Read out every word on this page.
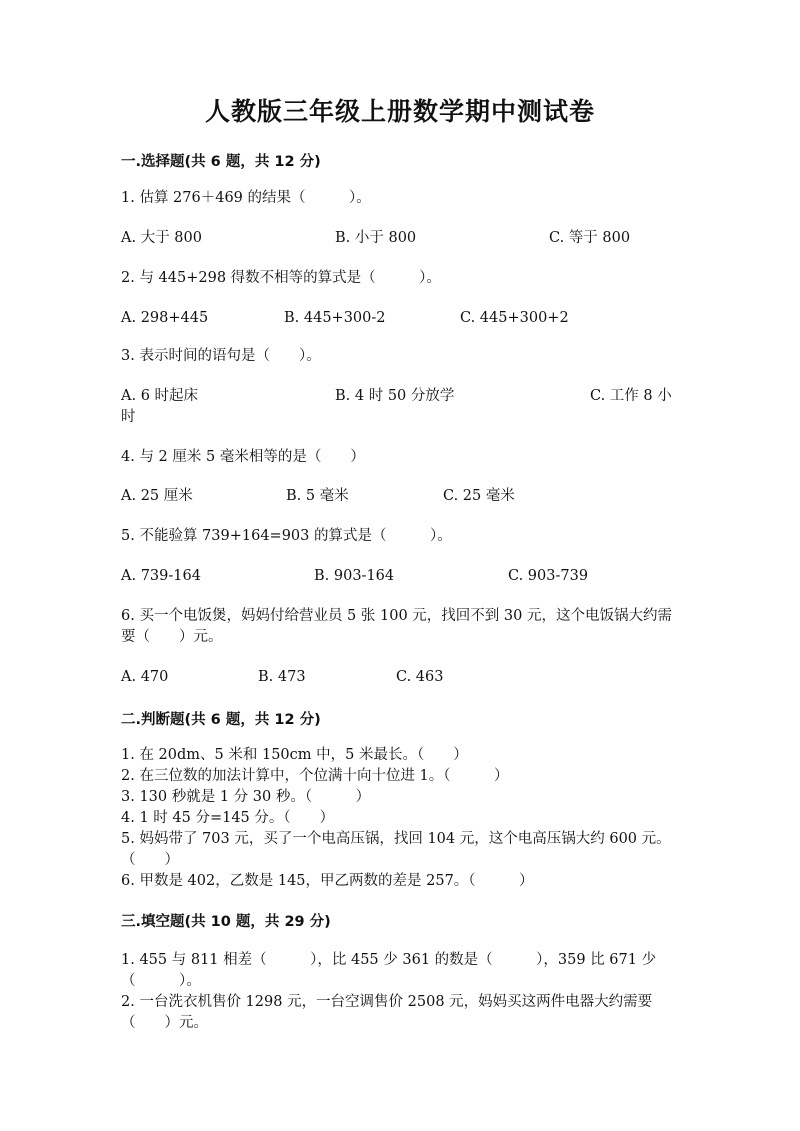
人教版三年级上册数学期中测试卷
一.选择题(共 6 题，共 12 分)
1. 估算 276＋469 的结果（　　　）。
A. 大于 800	B. 小于 800	C. 等于 800
2. 与 445+298 得数不相等的算式是（　　　）。
A. 298+445	B. 445+300-2	C. 445+300+2
3. 表示时间的语句是（　　）。
A. 6 时起床	B. 4 时 50 分放学	C. 工作 8 小
时
4. 与 2 厘米 5 毫米相等的是（　　）
A. 25 厘米	B. 5 毫米	C. 25 毫米
5. 不能验算 739+164=903 的算式是（　　　）。
A. 739-164	B. 903-164	C. 903-739
6. 买一个电饭煲，妈妈付给营业员 5 张 100 元，找回不到 30 元，这个电饭锅大约需要（　　）元。
A. 470	B. 473	C. 463
二.判断题(共 6 题，共 12 分)
1. 在 20dm、5 米和 150cm 中，5 米最长。（　　）
2. 在三位数的加法计算中，个位满十向十位进 1。（　　　）
3. 130 秒就是 1 分 30 秒。（　　　）
4. 1 时 45 分=145 分。（　　）
5. 妈妈带了 703 元，买了一个电高压锅，找回 104 元，这个电高压锅大约 600 元。（　　）
6. 甲数是 402，乙数是 145，甲乙两数的差是 257。（　　　）
三.填空题(共 10 题，共 29 分)
1. 455 与 811 相差（　　　），比 455 少 361 的数是（　　　），359 比 671 少（　　　）。
2. 一台洗衣机售价 1298 元，一台空调售价 2508 元，妈妈买这两件电器大约需要（　　）元。
